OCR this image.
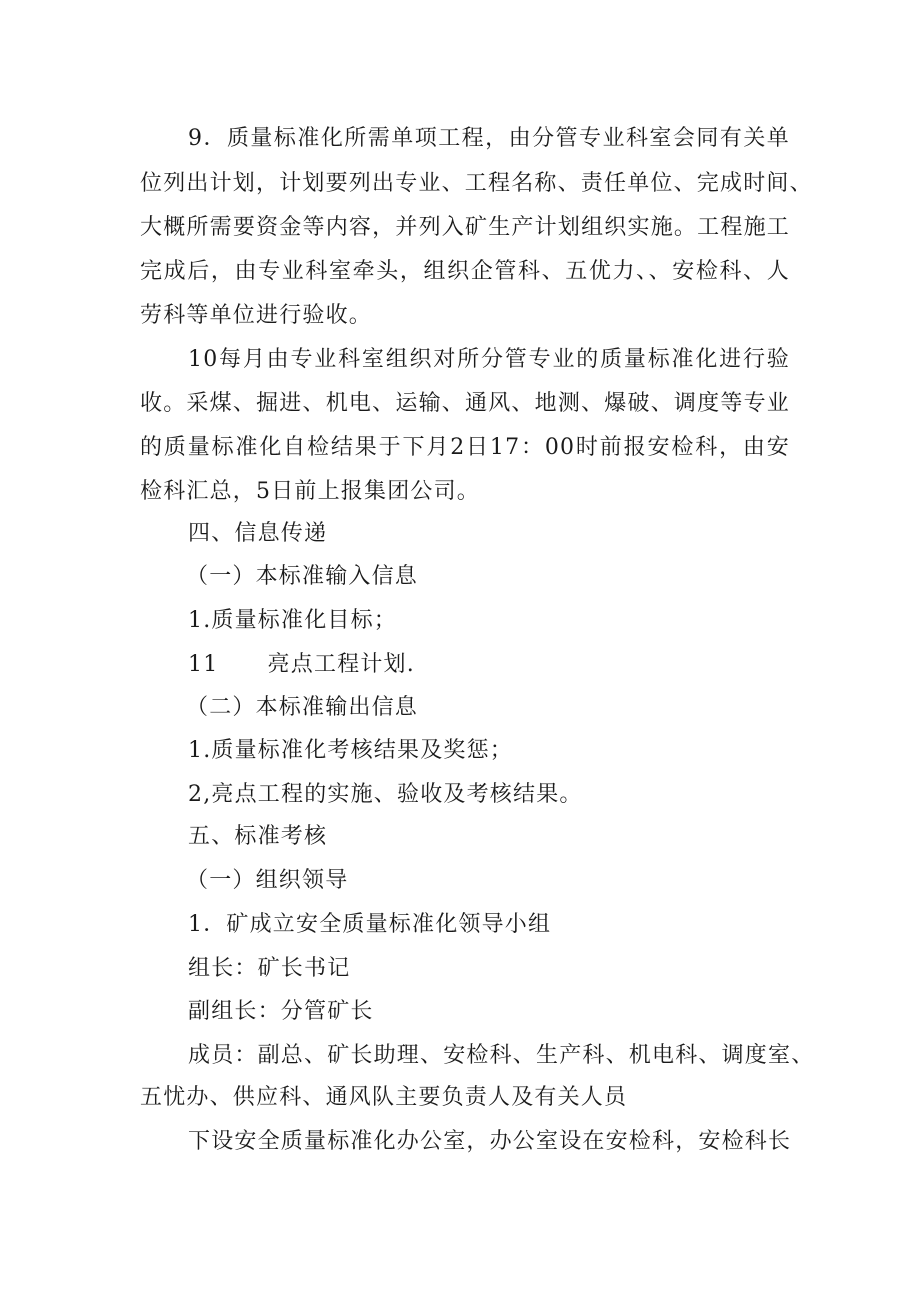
9．质量标准化所需单项工程，由分管专业科室会同有关单
位列出计划，计划要列出专业、工程名称、责任单位、完成时间、
大概所需要资金等内容，并列入矿生产计划组织实施。工程施工
完成后，由专业科室牵头，组织企管科、五优力、、安检科、人
劳科等单位进行验收。
10每月由专业科室组织对所分管专业的质量标准化进行验
收。采煤、掘进、机电、运输、通风、地测、爆破、调度等专业
的质量标准化自检结果于下月2日17：00时前报安检科，由安
检科汇总，5日前上报集团公司。
四、信息传递
（一）本标准输入信息
1.质量标准化目标；
11      亮点工程计划.
（二）本标准输出信息
1.质量标准化考核结果及奖惩；
2,亮点工程的实施、验收及考核结果。
五、标准考核
（一）组织领导
1．矿成立安全质量标准化领导小组
组长：矿长书记
副组长：分管矿长
成员：副总、矿长助理、安检科、生产科、机电科、调度室、
五忧办、供应科、通风队主要负责人及有关人员
下设安全质量标准化办公室，办公室设在安检科，安检科长
